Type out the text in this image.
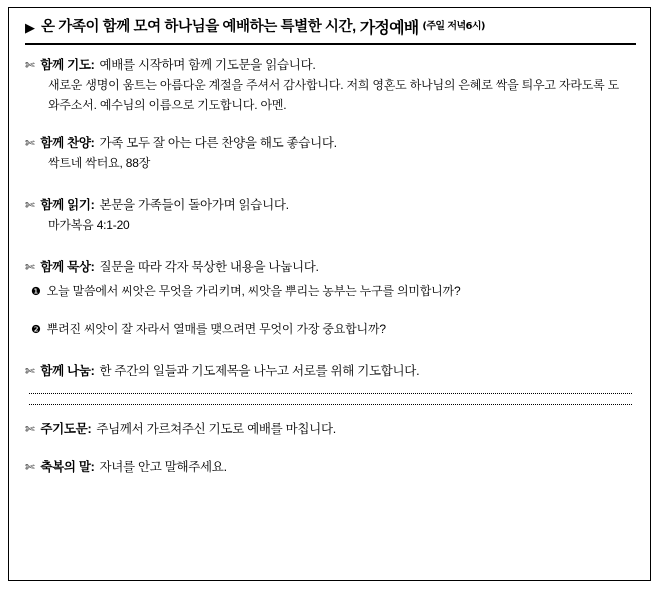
▶ 온 가족이 함께 모여 하나님을 예배하는 특별한 시간, 가정예배 (주일 저녁6시)
✄ 함께 기도: 예배를 시작하며 함께 기도문을 읽습니다.
새로운 생명이 움트는 아름다운 계절을 주셔서 감사합니다. 저희 영혼도 하나님의 은혜로 싹을 틔우고 자라도록 도와주소서. 예수님의 이름으로 기도합니다. 아멘.
✄ 함께 찬양: 가족 모두 잘 아는 다른 찬양을 해도 좋습니다.
싹트네 싹터요, 88장
✄ 함께 읽기: 본문을 가족들이 돌아가며 읽습니다.
마가복음 4:1-20
✄ 함께 묵상: 질문을 따라 각자 묵상한 내용을 나눕니다.
❶ 오늘 말씀에서 씨앗은 무엇을 가리키며, 씨앗을 뿌리는 농부는 누구를 의미합니까?
❷ 뿌려진 씨앗이 잘 자라서 열매를 맺으려면 무엇이 가장 중요합니까?
✄ 함께 나눔: 한 주간의 일들과 기도제목을 나누고 서로를 위해 기도합니다.
✄ 주기도문: 주님께서 가르쳐주신 기도로 예배를 마칩니다.
✄ 축복의 말: 자녀를 안고 말해주세요.
